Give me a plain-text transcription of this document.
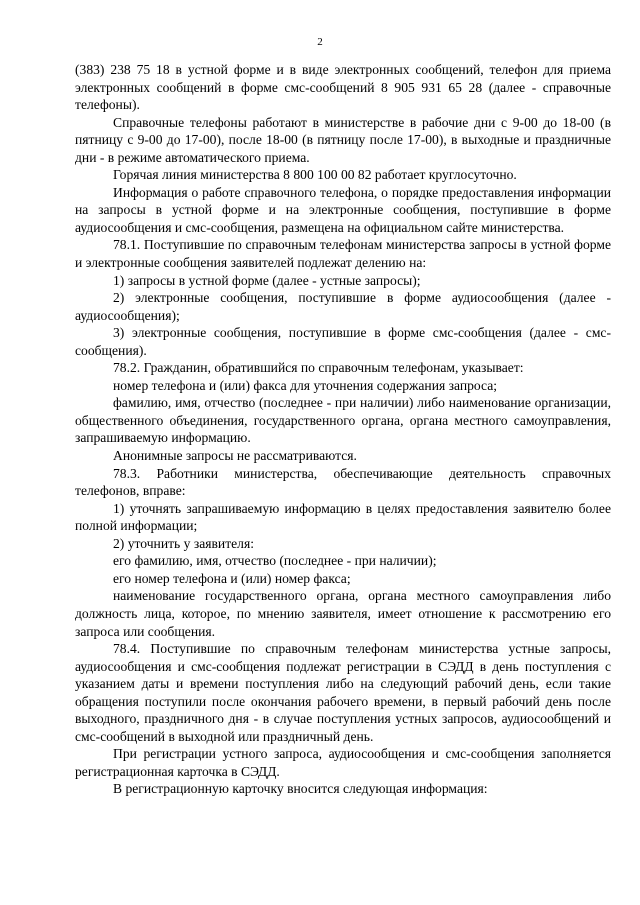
2

(383) 238 75 18 в устной форме и в виде электронных сообщений, телефон для приема электронных сообщений в форме смс-сообщений 8 905 931 65 28 (далее - справочные телефоны).

Справочные телефоны работают в министерстве в рабочие дни с 9-00 до 18-00 (в пятницу с 9-00 до 17-00), после 18-00 (в пятницу после 17-00), в выходные и праздничные дни - в режиме автоматического приема.

Горячая линия министерства 8 800 100 00 82 работает круглосуточно.

Информация о работе справочного телефона, о порядке предоставления информации на запросы в устной форме и на электронные сообщения, поступившие в форме аудиосообщения и смс-сообщения, размещена на официальном сайте министерства.

78.1. Поступившие по справочным телефонам министерства запросы в устной форме и электронные сообщения заявителей подлежат делению на:

1) запросы в устной форме (далее - устные запросы);

2) электронные сообщения, поступившие в форме аудиосообщения (далее - аудиосообщения);

3) электронные сообщения, поступившие в форме смс-сообщения (далее - смс-сообщения).

78.2. Гражданин, обратившийся по справочным телефонам, указывает:

номер телефона и (или) факса для уточнения содержания запроса;

фамилию, имя, отчество (последнее - при наличии) либо наименование организации, общественного объединения, государственного органа, органа местного самоуправления, запрашиваемую информацию.

Анонимные запросы не рассматриваются.

78.3. Работники министерства, обеспечивающие деятельность справочных телефонов, вправе:

1) уточнять запрашиваемую информацию в целях предоставления заявителю более полной информации;

2) уточнить у заявителя:

его фамилию, имя, отчество (последнее - при наличии);

его номер телефона и (или) номер факса;

наименование государственного органа, органа местного самоуправления либо должность лица, которое, по мнению заявителя, имеет отношение к рассмотрению его запроса или сообщения.

78.4. Поступившие по справочным телефонам министерства устные запросы, аудиосообщения и смс-сообщения подлежат регистрации в СЭДД в день поступления с указанием даты и времени поступления либо на следующий рабочий день, если такие обращения поступили после окончания рабочего времени, в первый рабочий день после выходного, праздничного дня - в случае поступления устных запросов, аудиосообщений и смс-сообщений в выходной или праздничный день.

При регистрации устного запроса, аудиосообщения и смс-сообщения заполняется регистрационная карточка в СЭДД.

В регистрационную карточку вносится следующая информация:
